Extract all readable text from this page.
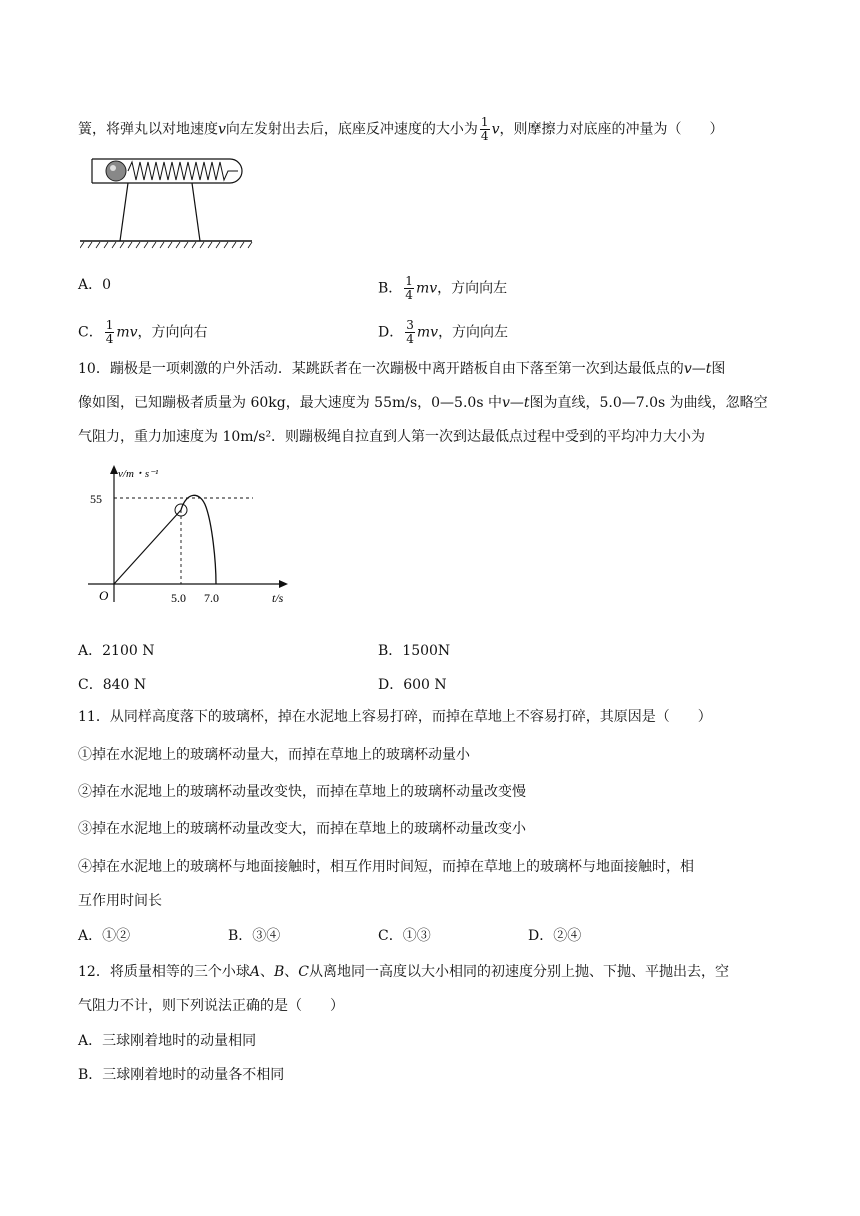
簧，将弹丸以对地速度v向左发射出去后，底座反冲速度的大小为 $\frac{1}{4}$ v，则摩擦力对底座的冲量为（　　）
A．0	B． $\frac{1}{4}$ mv，方向向左
C． $\frac{1}{4}$ mv，方向向右	D． $\frac{3}{4}$ mv，方向向左
10．蹦极是一项刺激的户外活动．某跳跃者在一次蹦极中离开踏板自由下落至第一次到达最低点的v—t图
像如图，已知蹦极者质量为 60kg，最大速度为 55m/s，0—5.0s 中v—t图为直线，5.0—7.0s 为曲线，忽略空
气阻力，重力加速度为 10m/s²．则蹦极绳自拉直到人第一次到达最低点过程中受到的平均冲力大小为
v/m・s⁻¹
55
O	5.0 7.0	t/s
A．2100 N	B．1500N
C．840 N	D．600 N
11．从同样高度落下的玻璃杯，掉在水泥地上容易打碎，而掉在草地上不容易打碎，其原因是（　　）
①掉在水泥地上的玻璃杯动量大，而掉在草地上的玻璃杯动量小
②掉在水泥地上的玻璃杯动量改变快，而掉在草地上的玻璃杯动量改变慢
③掉在水泥地上的玻璃杯动量改变大，而掉在草地上的玻璃杯动量改变小
④掉在水泥地上的玻璃杯与地面接触时，相互作用时间短，而掉在草地上的玻璃杯与地面接触时，相
互作用时间长
A．①②	B．③④	C．①③	D．②④
12．将质量相等的三个小球A、B、C从离地同一高度以大小相同的初速度分别上抛、下抛、平抛出去，空
气阻力不计，则下列说法正确的是（　　）
A．三球刚着地时的动量相同
B．三球刚着地时的动量各不相同
